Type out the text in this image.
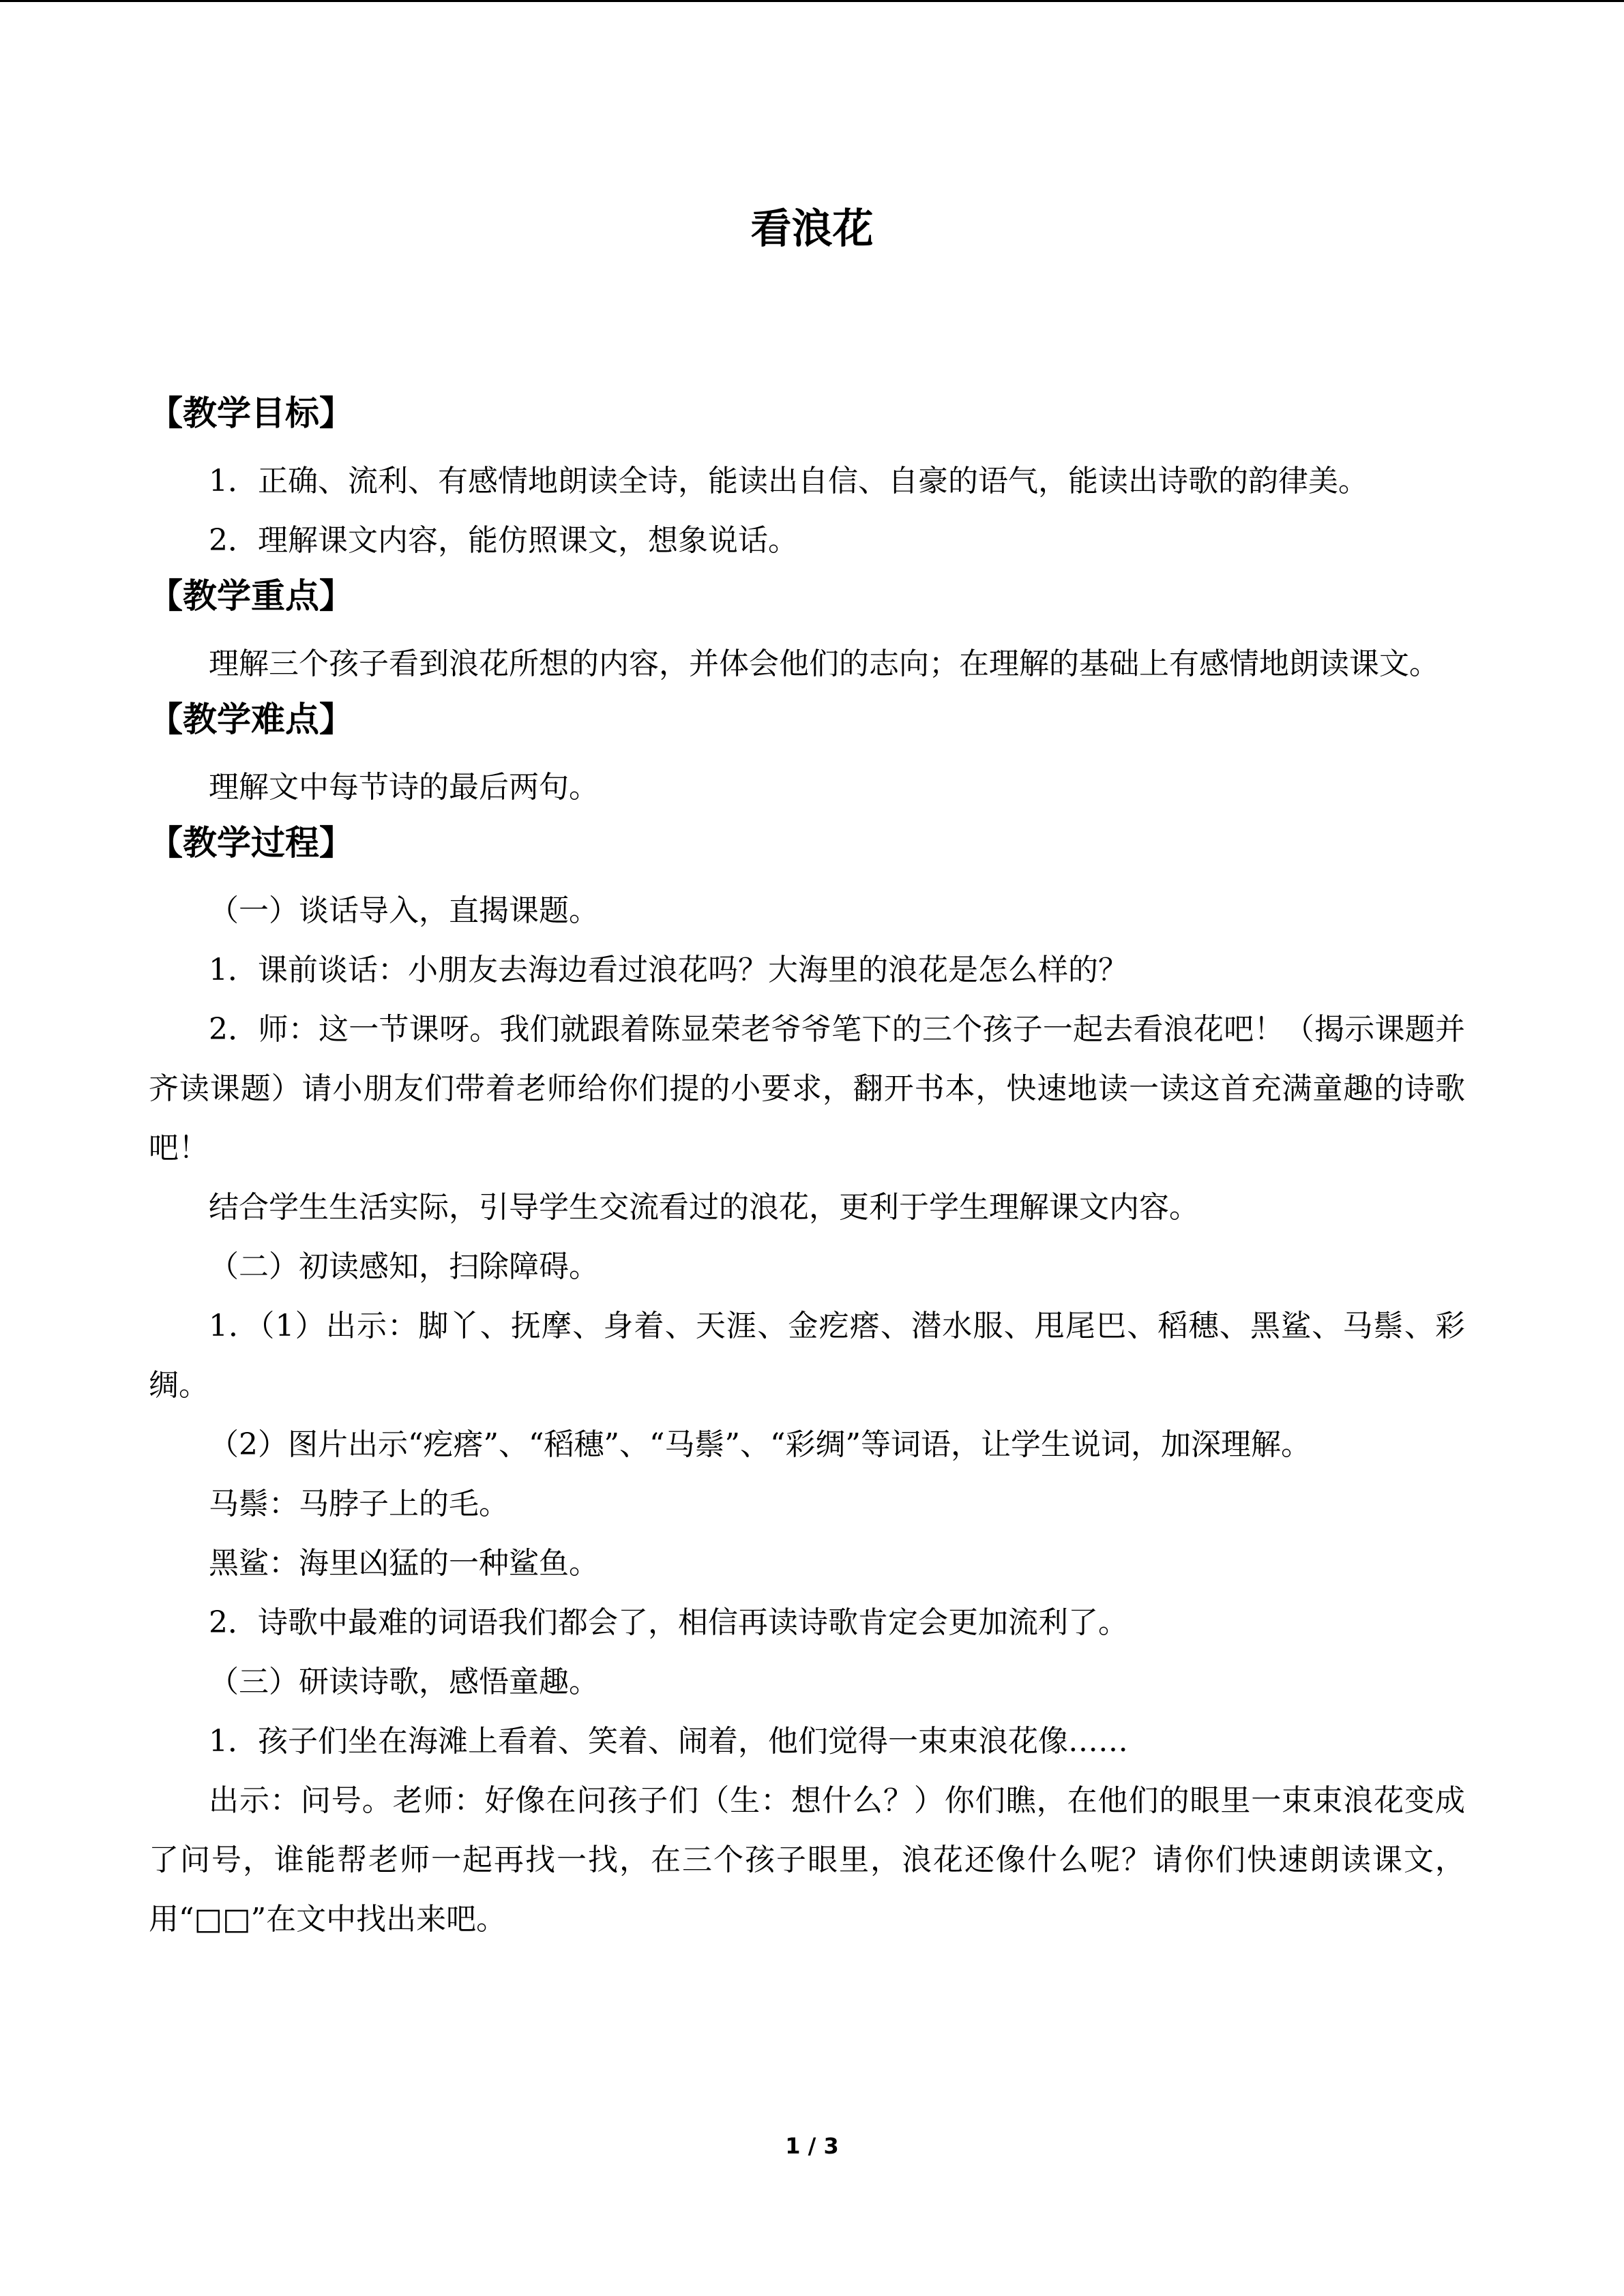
看浪花
【教学目标】

1．正确、流利、有感情地朗读全诗，能读出自信、自豪的语气，能读出诗歌的韵律美。

2．理解课文内容，能仿照课文，想象说话。

【教学重点】

理解三个孩子看到浪花所想的内容，并体会他们的志向；在理解的基础上有感情地朗读课文。

【教学难点】

理解文中每节诗的最后两句。

【教学过程】

（一）谈话导入，直揭课题。

1．课前谈话：小朋友去海边看过浪花吗？大海里的浪花是怎么样的？

2．师：这一节课呀。我们就跟着陈显荣老爷爷笔下的三个孩子一起去看浪花吧！（揭示课题并齐读课题）请小朋友们带着老师给你们提的小要求，翻开书本，快速地读一读这首充满童趣的诗歌吧！

结合学生生活实际，引导学生交流看过的浪花，更利于学生理解课文内容。

（二）初读感知，扫除障碍。

1．（1）出示：脚丫、抚摩、身着、天涯、金疙瘩、潜水服、甩尾巴、稻穗、黑鲨、马鬃、彩绸。

（2）图片出示“疙瘩”、“稻穗”、“马鬃”、“彩绸”等词语，让学生说词，加深理解。

马鬃：马脖子上的毛。

黑鲨：海里凶猛的一种鲨鱼。

2．诗歌中最难的词语我们都会了，相信再读诗歌肯定会更加流利了。

（三）研读诗歌，感悟童趣。

1．孩子们坐在海滩上看着、笑着、闹着，他们觉得一束束浪花像……

出示：问号。老师：好像在问孩子们（生：想什么？）你们瞧，在他们的眼里一束束浪花变成了问号，谁能帮老师一起再找一找，在三个孩子眼里，浪花还像什么呢？请你们快速朗读课文，用“□□”在文中找出来吧。

1 / 3
